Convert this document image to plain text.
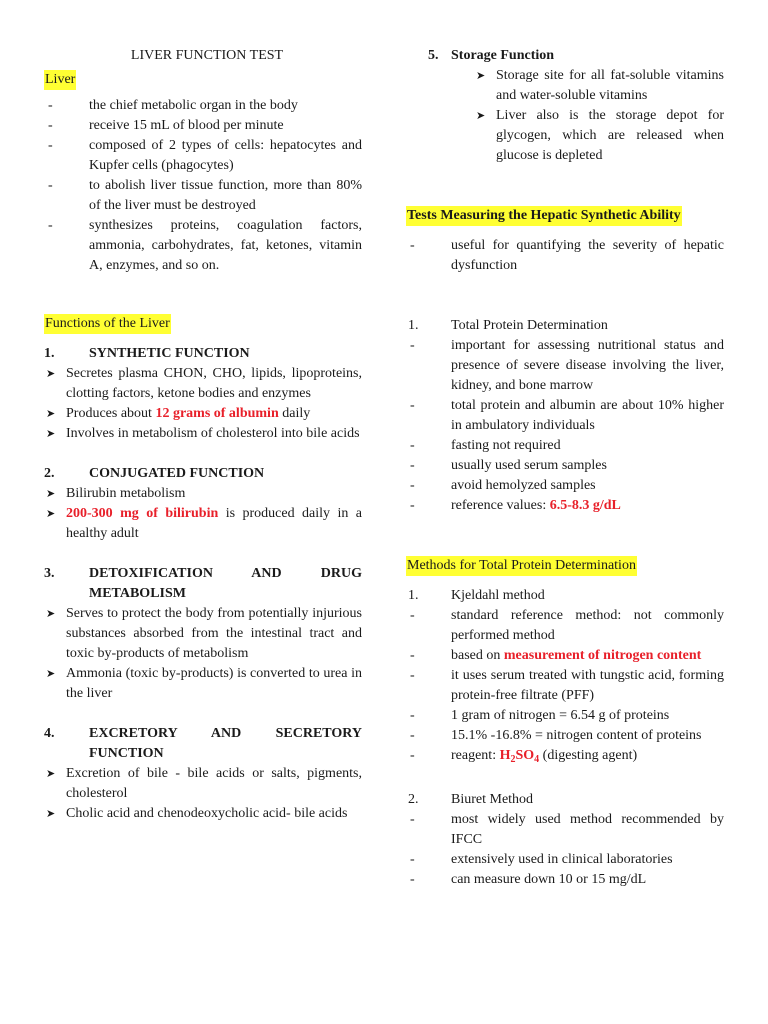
LIVER FUNCTION TEST
Liver
- the chief metabolic organ in the body
- receive 15 mL of blood per minute
- composed of 2 types of cells: hepatocytes and Kupfer cells (phagocytes)
- to abolish liver tissue function, more than 80% of the liver must be destroyed
- synthesizes proteins, coagulation factors, ammonia, carbohydrates, fat, ketones, vitamin A, enzymes, and so on.
Functions of the Liver
1. SYNTHETIC FUNCTION
➤ Secretes plasma CHON, CHO, lipids, lipoproteins, clotting factors, ketone bodies and enzymes
➤ Produces about 12 grams of albumin daily
➤ Involves in metabolism of cholesterol into bile acids
2. CONJUGATED FUNCTION
➤ Bilirubin metabolism
➤ 200-300 mg of bilirubin is produced daily in a healthy adult
3. DETOXIFICATION AND DRUG METABOLISM
➤ Serves to protect the body from potentially injurious substances absorbed from the intestinal tract and toxic by-products of metabolism
➤ Ammonia (toxic by-products) is converted to urea in the liver
4. EXCRETORY AND SECRETORY FUNCTION
➤ Excretion of bile - bile acids or salts, pigments, cholesterol
➤ Cholic acid and chenodeoxycholic acid- bile acids
5. Storage Function
➤ Storage site for all fat-soluble vitamins and water-soluble vitamins
➤ Liver also is the storage depot for glycogen, which are released when glucose is depleted
Tests Measuring the Hepatic Synthetic Ability
- useful for quantifying the severity of hepatic dysfunction
1. Total Protein Determination
- important for assessing nutritional status and presence of severe disease involving the liver, kidney, and bone marrow
- total protein and albumin are about 10% higher in ambulatory individuals
- fasting not required
- usually used serum samples
- avoid hemolyzed samples
- reference values: 6.5-8.3 g/dL
Methods for Total Protein Determination
1. Kjeldahl method
- standard reference method: not commonly performed method
- based on measurement of nitrogen content
- it uses serum treated with tungstic acid, forming protein-free filtrate (PFF)
- 1 gram of nitrogen = 6.54 g of proteins
- 15.1% -16.8% = nitrogen content of proteins
- reagent: $H_2SO_4$ (digesting agent)
2. Biuret Method
- most widely used method recommended by IFCC
- extensively used in clinical laboratories
- can measure down 10 or 15 mg/dL
